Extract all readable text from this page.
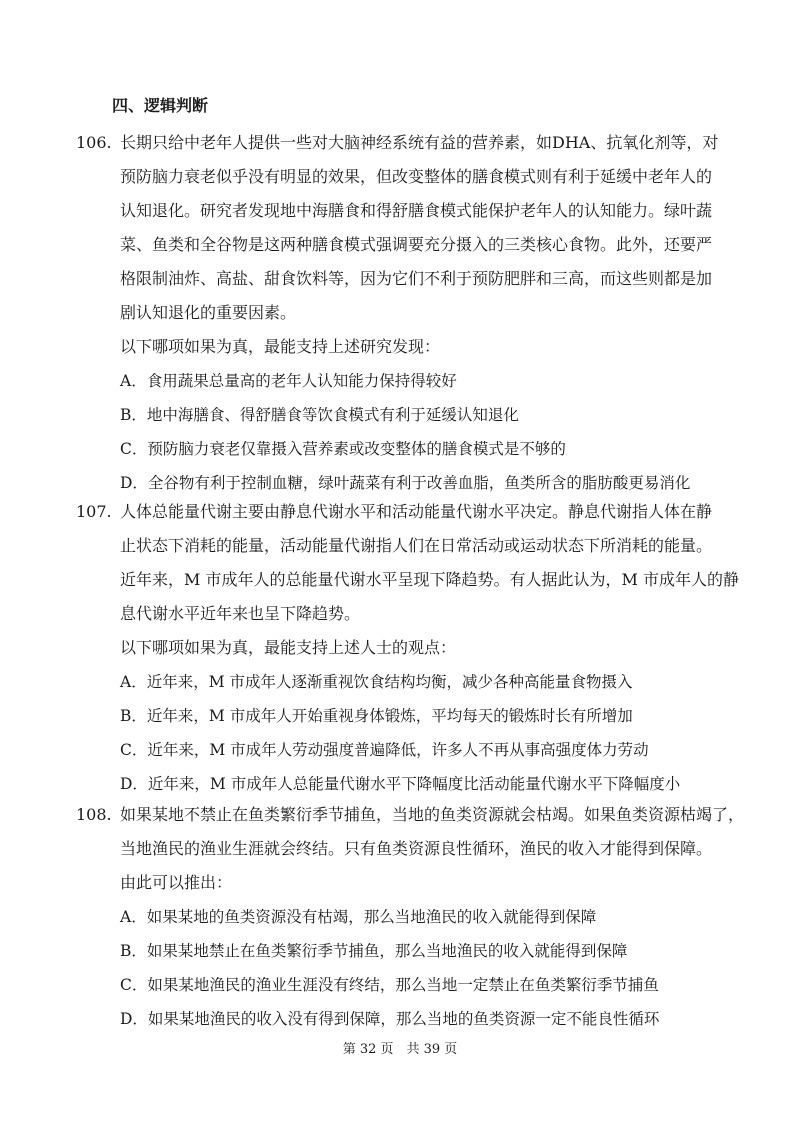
四、逻辑判断
106. 长期只给中老年人提供一些对大脑神经系统有益的营养素，如DHA、抗氧化剂等，对
预防脑力衰老似乎没有明显的效果，但改变整体的膳食模式则有利于延缓中老年人的
认知退化。研究者发现地中海膳食和得舒膳食模式能保护老年人的认知能力。绿叶蔬
菜、鱼类和全谷物是这两种膳食模式强调要充分摄入的三类核心食物。此外，还要严
格限制油炸、高盐、甜食饮料等，因为它们不利于预防肥胖和三高，而这些则都是加
剧认知退化的重要因素。
以下哪项如果为真，最能支持上述研究发现：
A．食用蔬果总量高的老年人认知能力保持得较好
B．地中海膳食、得舒膳食等饮食模式有利于延缓认知退化
C．预防脑力衰老仅靠摄入营养素或改变整体的膳食模式是不够的
D．全谷物有利于控制血糖，绿叶蔬菜有利于改善血脂，鱼类所含的脂肪酸更易消化
107. 人体总能量代谢主要由静息代谢水平和活动能量代谢水平决定。静息代谢指人体在静
止状态下消耗的能量，活动能量代谢指人们在日常活动或运动状态下所消耗的能量。
近年来，M 市成年人的总能量代谢水平呈现下降趋势。有人据此认为，M 市成年人的静
息代谢水平近年来也呈下降趋势。
以下哪项如果为真，最能支持上述人士的观点：
A．近年来，M 市成年人逐渐重视饮食结构均衡，减少各种高能量食物摄入
B．近年来，M 市成年人开始重视身体锻炼，平均每天的锻炼时长有所增加
C．近年来，M 市成年人劳动强度普遍降低，许多人不再从事高强度体力劳动
D．近年来，M 市成年人总能量代谢水平下降幅度比活动能量代谢水平下降幅度小
108. 如果某地不禁止在鱼类繁衍季节捕鱼，当地的鱼类资源就会枯竭。如果鱼类资源枯竭了，
当地渔民的渔业生涯就会终结。只有鱼类资源良性循环，渔民的收入才能得到保障。
由此可以推出：
A．如果某地的鱼类资源没有枯竭，那么当地渔民的收入就能得到保障
B．如果某地禁止在鱼类繁衍季节捕鱼，那么当地渔民的收入就能得到保障
C．如果某地渔民的渔业生涯没有终结，那么当地一定禁止在鱼类繁衍季节捕鱼
D．如果某地渔民的收入没有得到保障，那么当地的鱼类资源一定不能良性循环
第 32 页　共 39 页
